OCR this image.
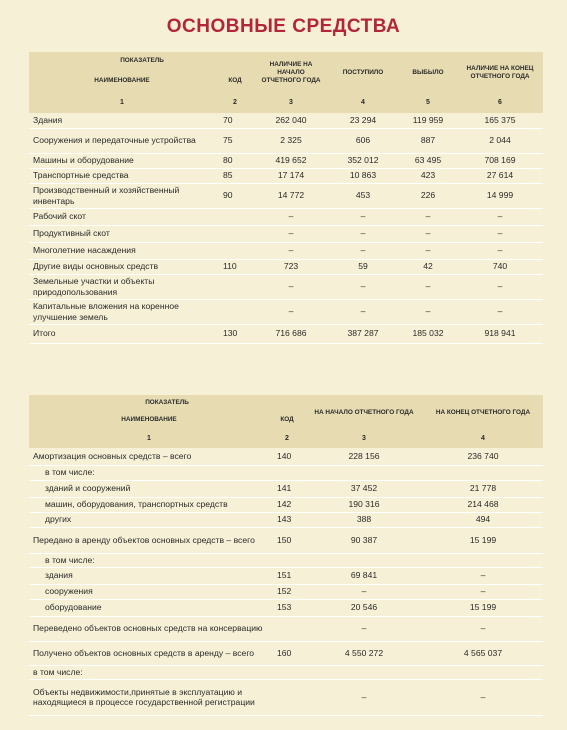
ОСНОВНЫЕ СРЕДСТВА
ПОКАЗАТЕЛЬ		НАЛИЧИЕ НА НАЧАЛО ОТЧЕТНОГО ГОДА	ПОСТУПИЛО	ВЫБЫЛО	НАЛИЧИЕ НА КОНЕЦ ОТЧЕТНОГО ГОДА
НАИМЕНОВАНИЕ	КОД				
1	2	3	4	5	6
Здания	70	262 040	23 294	119 959	165 375
Сооружения и передаточные устройства	75	2 325	606	887	2 044
Машины и оборудование	80	419 652	352 012	63 495	708 169
Транспортные средства	85	17 174	10 863	423	27 614
Производственный и хозяйственный инвентарь	90	14 772	453	226	14 999
Рабочий скот		–	–	–	–
Продуктивный скот		–	–	–	–
Многолетние насаждения		–	–	–	–
Другие виды основных средств	110	723	59	42	740
Земельные участки и объекты природопользования		–	–	–	–
Капитальные вложения на коренное улучшение земель		–	–	–	–
Итого	130	716 686	387 287	185 032	918 941
ПОКАЗАТЕЛЬ		НА НАЧАЛО ОТЧЕТНОГО ГОДА	НА КОНЕЦ ОТЧЕТНОГО ГОДА
НАИМЕНОВАНИЕ	КОД		
1	2	3	4
Амортизация основных средств – всего	140	228 156	236 740
в том числе:			
зданий и сооружений	141	37 452	21 778
машин, оборудования, транспортных средств	142	190 316	214 468
других	143	388	494
Передано в аренду объектов основных средств – всего	150	90 387	15 199
в том числе:			
здания	151	69 841	–
сооружения	152	–	–
оборудование	153	20 546	15 199
Переведено объектов основных средств на консервацию		–	–
Получено объектов основных средств в аренду – всего	160	4 550 272	4 565 037
в том числе:			
Объекты недвижимости,принятые в эксплуатацию и находящиеся в процессе государственной регистрации		–	–
